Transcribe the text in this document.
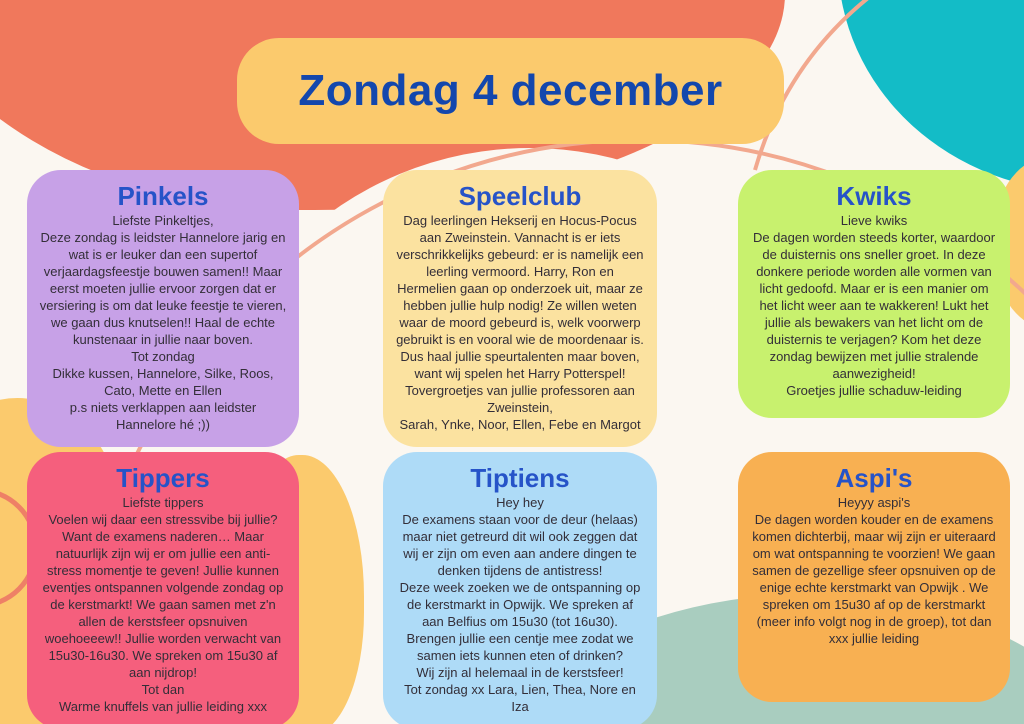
Zondag 4 december
Pinkels
Liefste Pinkeltjes,
Deze zondag is leidster Hannelore jarig en wat is er leuker dan een supertof verjaardagsfeestje bouwen samen!! Maar eerst moeten jullie ervoor zorgen dat er versiering is om dat leuke feestje te vieren, we gaan dus knutselen!! Haal de echte kunstenaar in jullie naar boven.
Tot zondag
Dikke kussen, Hannelore, Silke, Roos, Cato, Mette en Ellen
p.s niets verklappen aan leidster Hannelore hé ;))
Speelclub
Dag leerlingen Hekserij en Hocus-Pocus aan Zweinstein. Vannacht is er iets verschrikkelijks gebeurd: er is namelijk een leerling vermoord. Harry, Ron en Hermelien gaan op onderzoek uit, maar ze hebben jullie hulp nodig! Ze willen weten waar de moord gebeurd is, welk voorwerp gebruikt is en vooral wie de moordenaar is.
Dus haal jullie speurtalenten maar boven, want wij spelen het Harry Potterspel!
Tovergroetjes van jullie professoren aan Zweinstein,
Sarah, Ynke, Noor, Ellen, Febe en Margot
Kwiks
Lieve kwiks
De dagen worden steeds korter, waardoor de duisternis ons sneller groet. In deze donkere periode worden alle vormen van licht gedoofd. Maar er is een manier om het licht weer aan te wakkeren! Lukt het jullie als bewakers van het licht om de duisternis te verjagen? Kom het deze zondag bewijzen met jullie stralende aanwezigheid!
Groetjes jullie schaduw-leiding
Tippers
Liefste tippers
Voelen wij daar een stressvibe bij jullie? Want de examens naderen… Maar natuurlijk zijn wij er om jullie een anti-stress momentje te geven! Jullie kunnen eventjes ontspannen volgende zondag op de kerstmarkt! We gaan samen met z'n allen de kerstsfeer opsnuiven woehoeeew!! Jullie worden verwacht van 15u30-16u30. We spreken om 15u30 af aan nijdrop!
Tot dan
Warme knuffels van jullie leiding xxx
Tiptiens
Hey hey
De examens staan voor de deur (helaas) maar niet getreurd dit wil ook zeggen dat wij er zijn om even aan andere dingen te denken tijdens de antistress!
Deze week zoeken we de ontspanning op de kerstmarkt in Opwijk. We spreken af aan Belfius om 15u30 (tot 16u30).
Brengen jullie een centje mee zodat we samen iets kunnen eten of drinken?
Wij zijn al helemaal in de kerstsfeer!
Tot zondag xx Lara, Lien, Thea, Nore en Iza
Aspi's
Heyyy aspi's
De dagen worden kouder en de examens komen dichterbij, maar wij zijn er uiteraard om wat ontspanning te voorzien! We gaan samen de gezellige sfeer opsnuiven op de enige echte kerstmarkt van Opwijk . We spreken om 15u30 af op de kerstmarkt (meer info volgt nog in de groep), tot dan xxx jullie leiding
